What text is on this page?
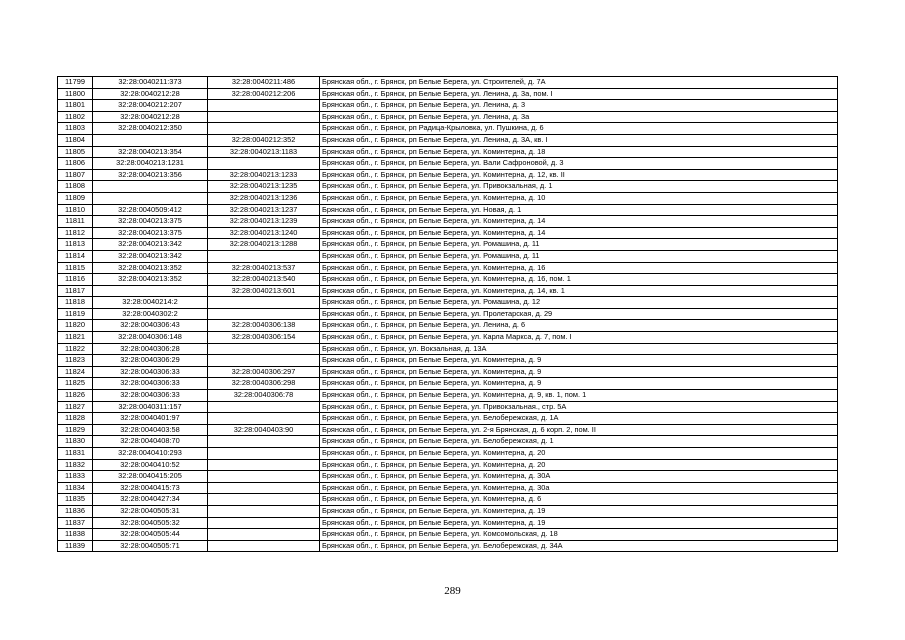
11799	32:28:0040211:373	32:28:0040211:486	Брянская обл., г. Брянск, рп Белые Берега, ул. Строителей, д. 7А
11800	32:28:0040212:28	32:28:0040212:206	Брянская обл., г. Брянск, рп Белые Берега, ул. Ленина, д. 3а, пом. I
11801	32:28:0040212:207		Брянская обл., г. Брянск, рп Белые Берега, ул. Ленина, д. 3
11802	32:28:0040212:28		Брянская обл., г. Брянск, рп Белые Берега, ул. Ленина, д. 3а
11803	32:28:0040212:350		Брянская обл., г. Брянск, рп Радица-Крыловка, ул. Пушкина, д. 6
11804		32:28:0040212:352	Брянская обл., г. Брянск, рп Белые Берега, ул. Ленина, д. 3А, кв. I
11805	32:28:0040213:354	32:28:0040213:1183	Брянская обл., г. Брянск, рп Белые Берега, ул. Коминтерна, д. 18
11806	32:28:0040213:1231		Брянская обл., г. Брянск, рп Белые Берега, ул. Вали Сафроновой, д. 3
11807	32:28:0040213:356	32:28:0040213:1233	Брянская обл., г. Брянск, рп Белые Берега, ул. Коминтерна, д. 12, кв. II
11808		32:28:0040213:1235	Брянская обл., г. Брянск, рп Белые Берега, ул. Привокзальная, д. 1
11809		32:28:0040213:1236	Брянская обл., г. Брянск, рп Белые Берега, ул. Коминтерна, д. 10
11810	32:28:0040509:412	32:28:0040213:1237	Брянская обл., г. Брянск, рп Белые Берега, ул. Новая, д. 1
11811	32:28:0040213:375	32:28:0040213:1239	Брянская обл., г. Брянск, рп Белые Берега, ул. Коминтерна, д. 14
11812	32:28:0040213:375	32:28:0040213:1240	Брянская обл., г. Брянск, рп Белые Берега, ул. Коминтерна, д. 14
11813	32:28:0040213:342	32:28:0040213:1288	Брянская обл., г. Брянск, рп Белые Берега, ул. Ромашина, д. 11
11814	32:28:0040213:342		Брянская обл., г. Брянск, рп Белые Берега, ул. Ромашина, д. 11
11815	32:28:0040213:352	32:28:0040213:537	Брянская обл., г. Брянск, рп Белые Берега, ул. Коминтерна, д. 16
11816	32:28:0040213:352	32:28:0040213:540	Брянская обл., г. Брянск, рп Белые Берега, ул. Коминтерна, д. 16, пом. 1
11817		32:28:0040213:601	Брянская обл., г. Брянск, рп Белые Берега, ул. Коминтерна, д. 14, кв. 1
11818	32:28:0040214:2		Брянская обл., г. Брянск, рп Белые Берега, ул. Ромашина, д. 12
11819	32:28:0040302:2		Брянская обл., г. Брянск, рп Белые Берега, ул. Пролетарская, д. 29
11820	32:28:0040306:43	32:28:0040306:138	Брянская обл., г. Брянск, рп Белые Берега, ул. Ленина, д. 6
11821	32:28:0040306:148	32:28:0040306:154	Брянская обл., г. Брянск, рп Белые Берега, ул. Карла Маркса, д. 7, пом. I
11822	32:28:0040306:28		Брянская обл., г. Брянск, ул. Вокзальная, д. 13А
11823	32:28:0040306:29		Брянская обл., г. Брянск, рп Белые Берега, ул. Коминтерна, д. 9
11824	32:28:0040306:33	32:28:0040306:297	Брянская обл., г. Брянск, рп Белые Берега, ул. Коминтерна, д. 9
11825	32:28:0040306:33	32:28:0040306:298	Брянская обл., г. Брянск, рп Белые Берега, ул. Коминтерна, д. 9
11826	32:28:0040306:33	32:28:0040306:78	Брянская обл., г. Брянск, рп Белые Берега, ул. Коминтерна, д. 9, кв. 1, пом. 1
11827	32:28:0040311:157		Брянская обл., г. Брянск, рп Белые Берега, ул. Привокзальная., стр. 5А
11828	32:28:0040401:97		Брянская обл., г. Брянск, рп Белые Берега, ул. Белобережская, д. 1А
11829	32:28:0040403:58	32:28:0040403:90	Брянская обл., г. Брянск, рп Белые Берега, ул. 2-я Брянская, д. 6 корп. 2, пом. II
11830	32:28:0040408:70		Брянская обл., г. Брянск, рп Белые Берега, ул. Белобережская, д. 1
11831	32:28:0040410:293		Брянская обл., г. Брянск, рп Белые Берега, ул. Коминтерна, д. 20
11832	32:28:0040410:52		Брянская обл., г. Брянск, рп Белые Берега, ул. Коминтерна, д. 20
11833	32:28:0040415:205		Брянская обл., г. Брянск, рп Белые Берега, ул. Коминтерна, д. 30А
11834	32:28:0040415:73		Брянская обл., г. Брянск, рп Белые Берега, ул. Коминтерна, д. 30а
11835	32:28:0040427:34		Брянская обл., г. Брянск, рп Белые Берега, ул. Коминтерна, д. 6
11836	32:28:0040505:31		Брянская обл., г. Брянск, рп Белые Берега, ул. Коминтерна, д. 19
11837	32:28:0040505:32		Брянская обл., г. Брянск, рп Белые Берега, ул. Коминтерна, д. 19
11838	32:28:0040505:44		Брянская обл., г. Брянск, рп Белые Берега, ул. Комсомольская, д. 18
11839	32:28:0040505:71		Брянская обл., г. Брянск, рп Белые Берега, ул. Белобережская, д. 34А
289
